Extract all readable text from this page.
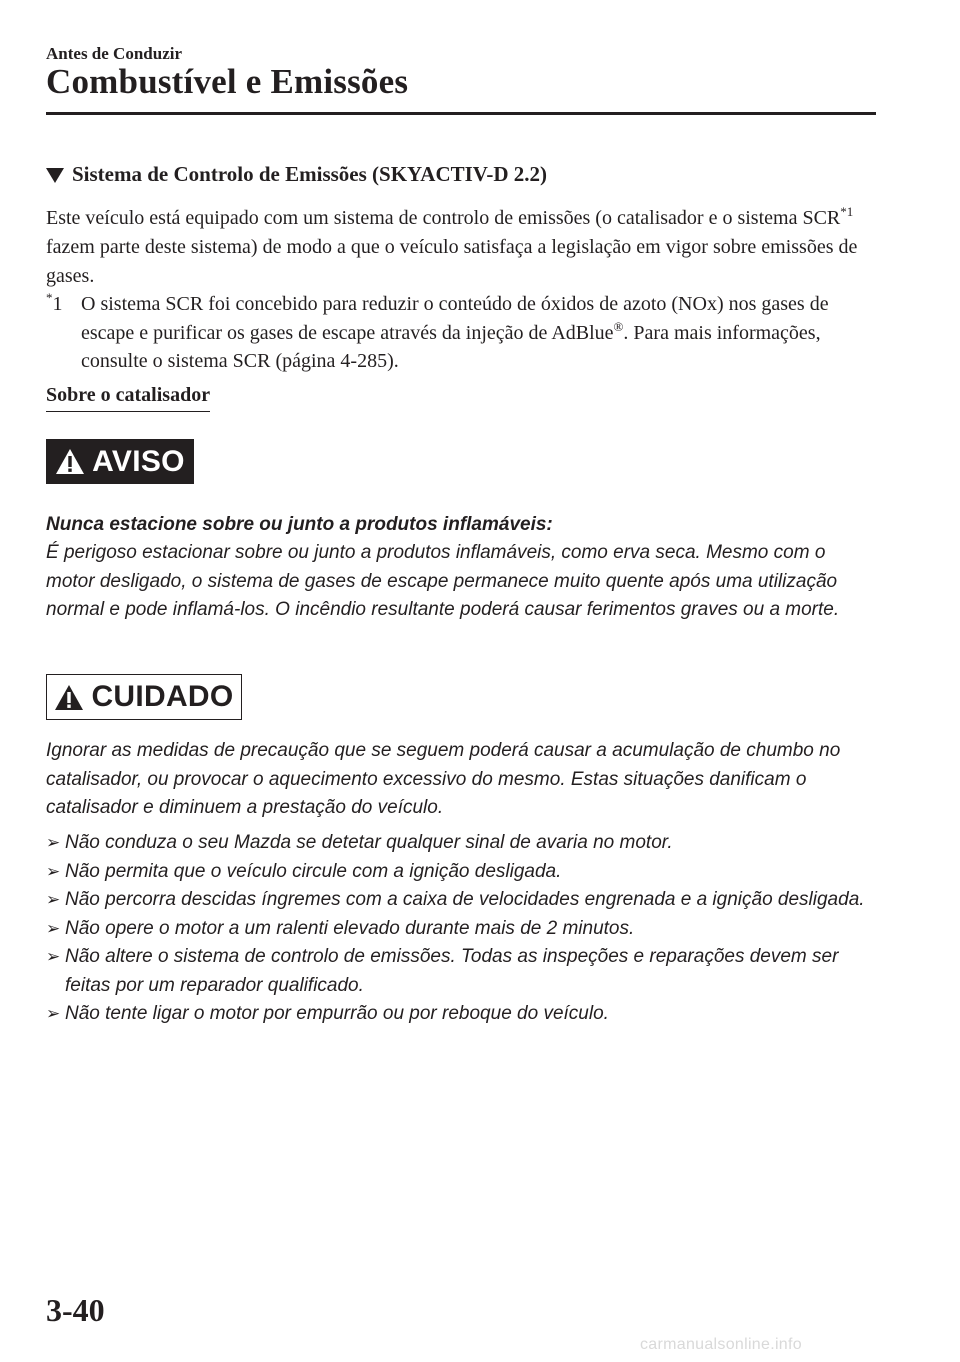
Antes de Conduzir
Combustível e Emissões
Sistema de Controlo de Emissões (SKYACTIV-D 2.2)
Este veículo está equipado com um sistema de controlo de emissões (o catalisador e o sistema SCR$^{*1}$ fazem parte deste sistema) de modo a que o veículo satisfaça a legislação em vigor sobre emissões de gases.
*1 O sistema SCR foi concebido para reduzir o conteúdo de óxidos de azoto (NOx) nos gases de escape e purificar os gases de escape através da injeção de AdBlue®. Para mais informações, consulte o sistema SCR (página 4-285).
Sobre o catalisador
AVISO
Nunca estacione sobre ou junto a produtos inflamáveis:
É perigoso estacionar sobre ou junto a produtos inflamáveis, como erva seca. Mesmo com o motor desligado, o sistema de gases de escape permanece muito quente após uma utilização normal e pode inflamá-los. O incêndio resultante poderá causar ferimentos graves ou a morte.
CUIDADO
Ignorar as medidas de precaução que se seguem poderá causar a acumulação de chumbo no catalisador, ou provocar o aquecimento excessivo do mesmo. Estas situações danificam o catalisador e diminuem a prestação do veículo.
➢ Não conduza o seu Mazda se detetar qualquer sinal de avaria no motor.
➢ Não permita que o veículo circule com a ignição desligada.
➢ Não percorra descidas íngremes com a caixa de velocidades engrenada e a ignição desligada.
➢ Não opere o motor a um ralenti elevado durante mais de 2 minutos.
➢ Não altere o sistema de controlo de emissões. Todas as inspeções e reparações devem ser feitas por um reparador qualificado.
➢ Não tente ligar o motor por empurrão ou por reboque do veículo.
3-40
carmanualsonline.info
